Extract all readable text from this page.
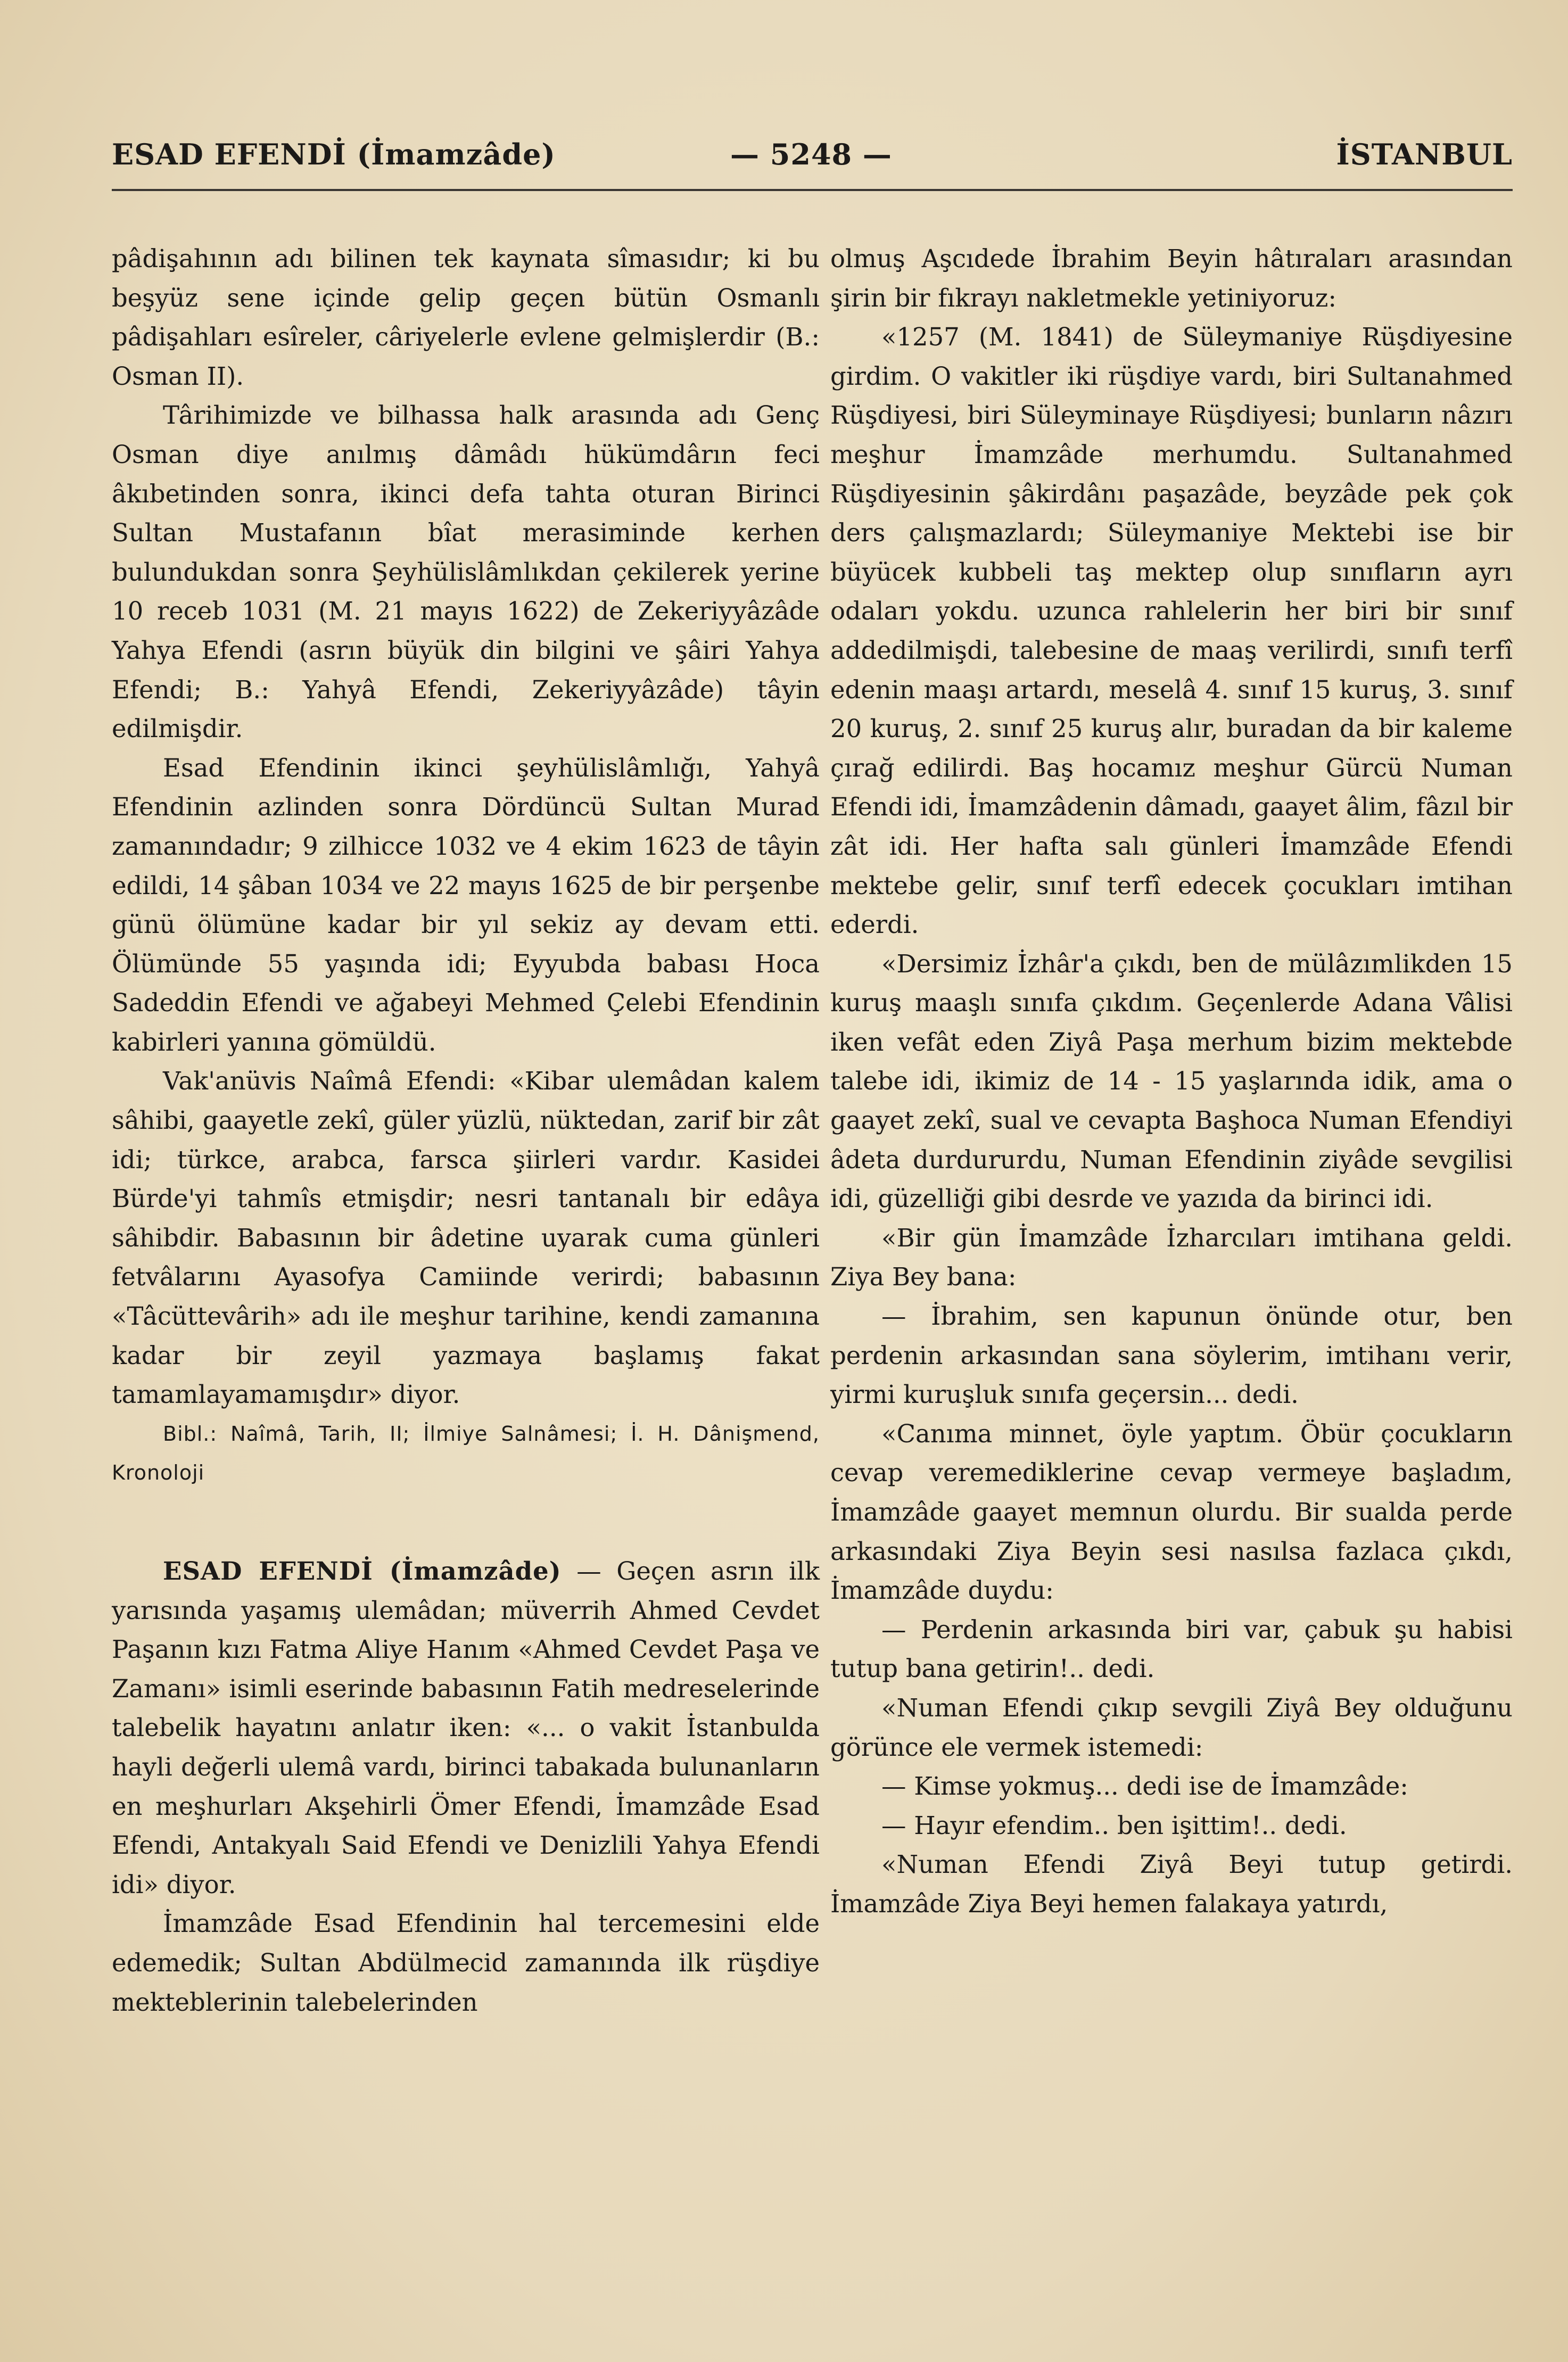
ESAD EFENDİ (İmamzâde)	— 5248 —	İSTANBUL

pâdişahının adı bilinen tek kaynata sîmasıdır; ki bu beşyüz sene içinde gelip geçen bütün Osmanlı pâdişahları esîreler, câriyelerle evlene gelmişlerdir (B.: Osman II).

Târihimizde ve bilhassa halk arasında adı Genç Osman diye anılmış dâmâdı hükümdârın feci âkıbetinden sonra, ikinci defa tahta oturan Birinci Sultan Mustafanın bîat merasiminde kerhen bulundukdan sonra Şeyhülislâmlıkdan çekilerek yerine 10 receb 1031 (M. 21 mayıs 1622) de Zekeriyyâzâde Yahya Efendi (asrın büyük din bilgini ve şâiri Yahya Efendi; B.: Yahyâ Efendi, Zekeriyyâzâde) tâyin edilmişdir.

Esad Efendinin ikinci şeyhülislâmlığı, Yahyâ Efendinin azlinden sonra Dördüncü Sultan Murad zamanındadır; 9 zilhicce 1032 ve 4 ekim 1623 de tâyin edildi, 14 şâban 1034 ve 22 mayıs 1625 de bir perşenbe günü ölümüne kadar bir yıl sekiz ay devam etti. Ölümünde 55 yaşında idi; Eyyubda babası Hoca Sadeddin Efendi ve ağabeyi Mehmed Çelebi Efendinin kabirleri yanına gömüldü.

Vak'anüvis Naîmâ Efendi: «Kibar ulemâdan kalem sâhibi, gaayetle zekî, güler yüzlü, nüktedan, zarif bir zât idi; türkce, arabca, farsca şiirleri vardır. Kasidei Bürde'yi tahmîs etmişdir; nesri tantanalı bir edâya sâhibdir. Babasının bir âdetine uyarak cuma günleri fetvâlarını Ayasofya Camiinde verirdi; babasının «Tâcüttevârih» adı ile meşhur tarihine, kendi zamanına kadar bir zeyil yazmaya başlamış fakat tamamlayamamışdır» diyor.

Bibl.: Naîmâ, Tarih, II; İlmiye Salnâmesi; İ. H. Dânişmend, Kronoloji

ESAD EFENDİ (İmamzâde) — Geçen asrın ilk yarısında yaşamış ulemâdan; müverrih Ahmed Cevdet Paşanın kızı Fatma Aliye Hanım «Ahmed Cevdet Paşa ve Zamanı» isimli eserinde babasının Fatih medreselerinde talebelik hayatını anlatır iken: «... o vakit İstanbulda hayli değerli ulemâ vardı, birinci tabakada bulunanların en meşhurları Akşehirli Ömer Efendi, İmamzâde Esad Efendi, Antakyalı Said Efendi ve Denizlili Yahya Efendi idi» diyor.

İmamzâde Esad Efendinin hal tercemesini elde edemedik; Sultan Abdülmecid zamanında ilk rüşdiye mekteblerinin talebelerinden

olmuş Aşcıdede İbrahim Beyin hâtıraları arasından şirin bir fıkrayı nakletmekle yetiniyoruz:

«1257 (M. 1841) de Süleymaniye Rüşdiyesine girdim. O vakitler iki rüşdiye vardı, biri Sultanahmed Rüşdiyesi, biri Süleyminaye Rüşdiyesi; bunların nâzırı meşhur İmamzâde merhumdu. Sultanahmed Rüşdiyesinin şâkirdânı paşazâde, beyzâde pek çok ders çalışmazlardı; Süleymaniye Mektebi ise bir büyücek kubbeli taş mektep olup sınıfların ayrı odaları yokdu. uzunca rahlelerin her biri bir sınıf addedilmişdi, talebesine de maaş verilirdi, sınıfı terfî edenin maaşı artardı, meselâ 4. sınıf 15 kuruş, 3. sınıf 20 kuruş, 2. sınıf 25 kuruş alır, buradan da bir kaleme çırağ edilirdi. Baş hocamız meşhur Gürcü Numan Efendi idi, İmamzâdenin dâmadı, gaayet âlim, fâzıl bir zât idi. Her hafta salı günleri İmamzâde Efendi mektebe gelir, sınıf terfî edecek çocukları imtihan ederdi.

«Dersimiz İzhâr'a çıkdı, ben de mülâzımlikden 15 kuruş maaşlı sınıfa çıkdım. Geçenlerde Adana Vâlisi iken vefât eden Ziyâ Paşa merhum bizim mektebde talebe idi, ikimiz de 14 - 15 yaşlarında idik, ama o gaayet zekî, sual ve cevapta Başhoca Numan Efendiyi âdeta durdururdu, Numan Efendinin ziyâde sevgilisi idi, güzelliği gibi desrde ve yazıda da birinci idi.

«Bir gün İmamzâde İzharcıları imtihana geldi. Ziya Bey bana:

— İbrahim, sen kapunun önünde otur, ben perdenin arkasından sana söylerim, imtihanı verir, yirmi kuruşluk sınıfa geçersin... dedi.

«Canıma minnet, öyle yaptım. Öbür çocukların cevap veremediklerine cevap vermeye başladım, İmamzâde gaayet memnun olurdu. Bir sualda perde arkasındaki Ziya Beyin sesi nasılsa fazlaca çıkdı, İmamzâde duydu:

— Perdenin arkasında biri var, çabuk şu habisi tutup bana getirin!.. dedi.

«Numan Efendi çıkıp sevgili Ziyâ Bey olduğunu görünce ele vermek istemedi:

— Kimse yokmuş... dedi ise de İmamzâde:

— Hayır efendim.. ben işittim!.. dedi.

«Numan Efendi Ziyâ Beyi tutup getirdi. İmamzâde Ziya Beyi hemen falakaya yatırdı,
